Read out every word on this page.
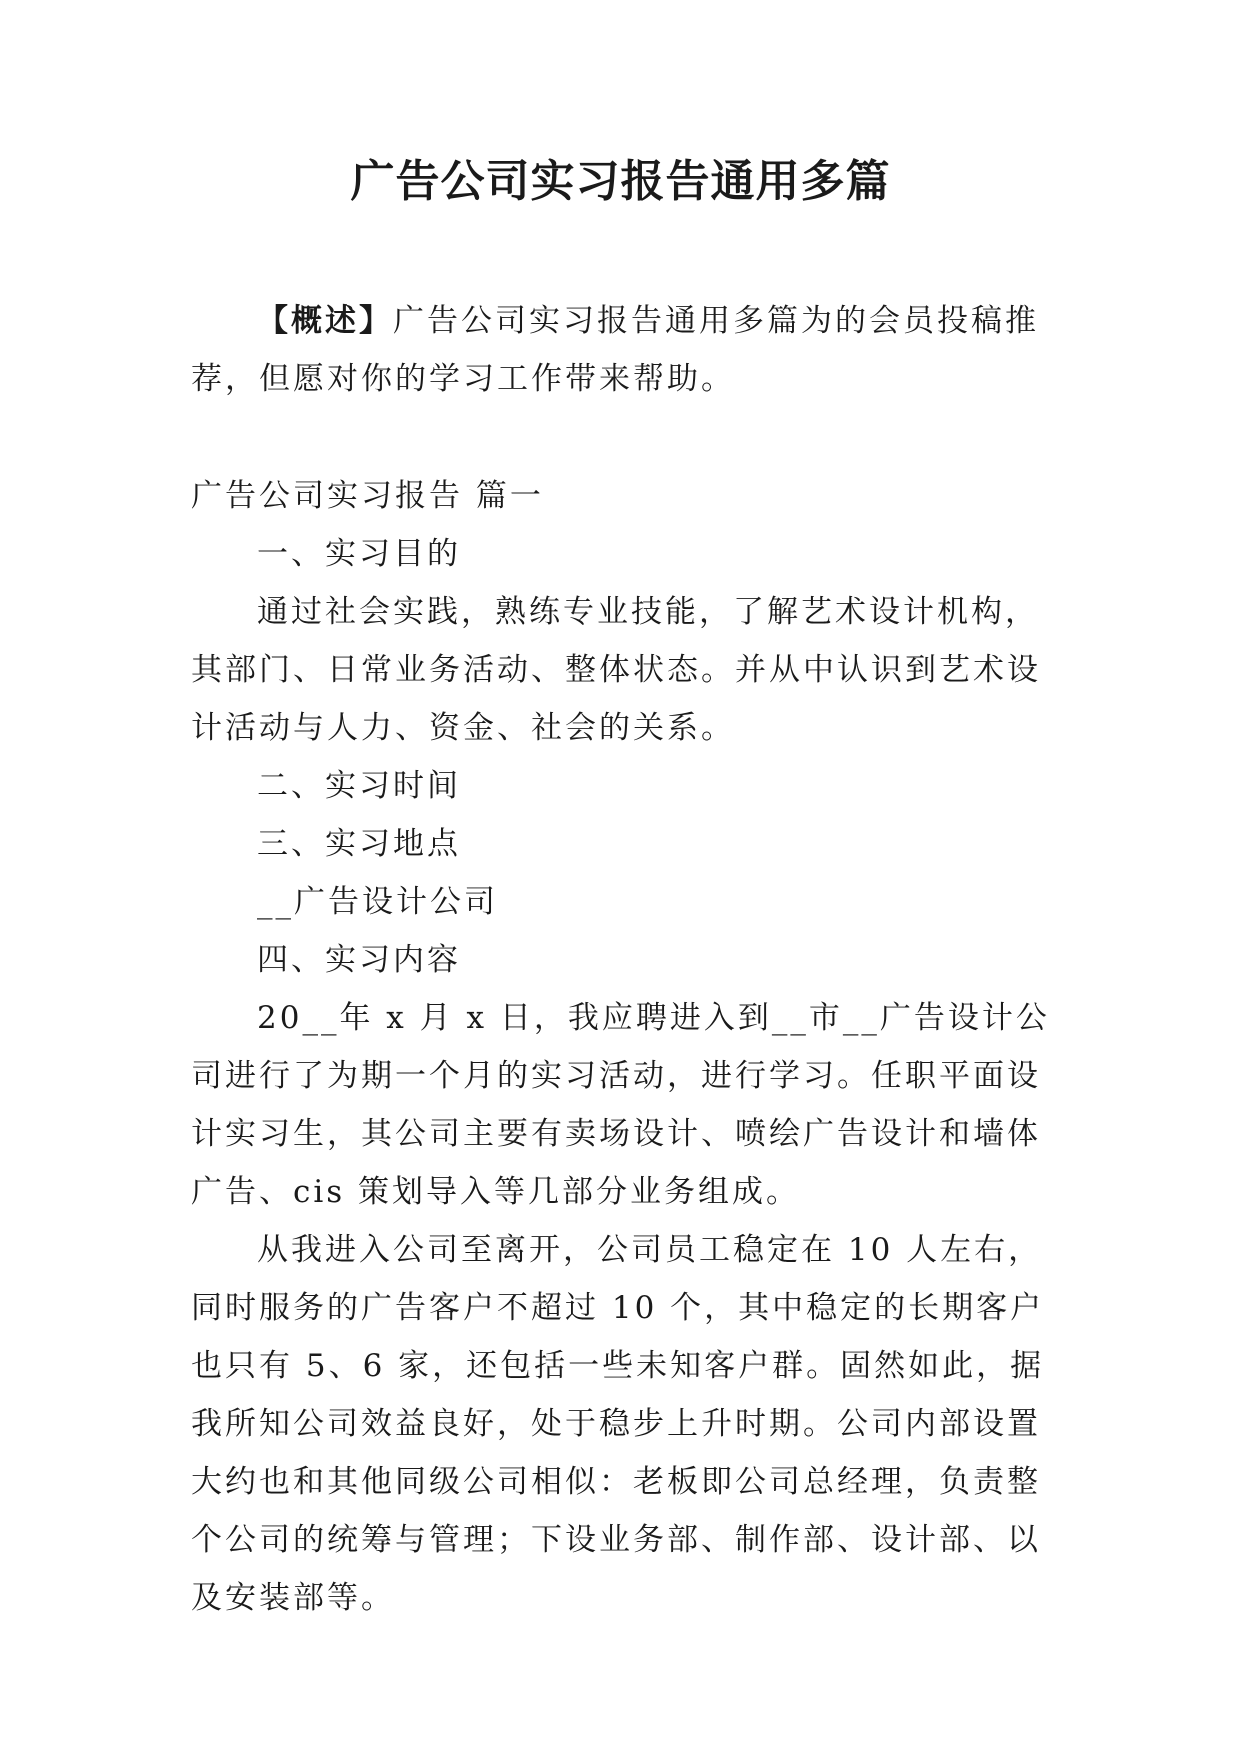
广告公司实习报告通用多篇
【概述】广告公司实习报告通用多篇为的会员投稿推荐，但愿对你的学习工作带来帮助。

广告公司实习报告 篇一

一、实习目的

通过社会实践，熟练专业技能，了解艺术设计机构，其部门、日常业务活动、整体状态。并从中认识到艺术设计活动与人力、资金、社会的关系。

二、实习时间

三、实习地点

__广告设计公司

四、实习内容

20__年 x 月 x 日，我应聘进入到__市__广告设计公司进行了为期一个月的实习活动，进行学习。任职平面设计实习生，其公司主要有卖场设计、喷绘广告设计和墙体广告、cis 策划导入等几部分业务组成。

从我进入公司至离开，公司员工稳定在 10 人左右，同时服务的广告客户不超过 10 个，其中稳定的长期客户也只有 5、6 家，还包括一些未知客户群。固然如此，据我所知公司效益良好，处于稳步上升时期。公司内部设置大约也和其他同级公司相似：老板即公司总经理，负责整个公司的统筹与管理；下设业务部、制作部、设计部、以及安装部等。
